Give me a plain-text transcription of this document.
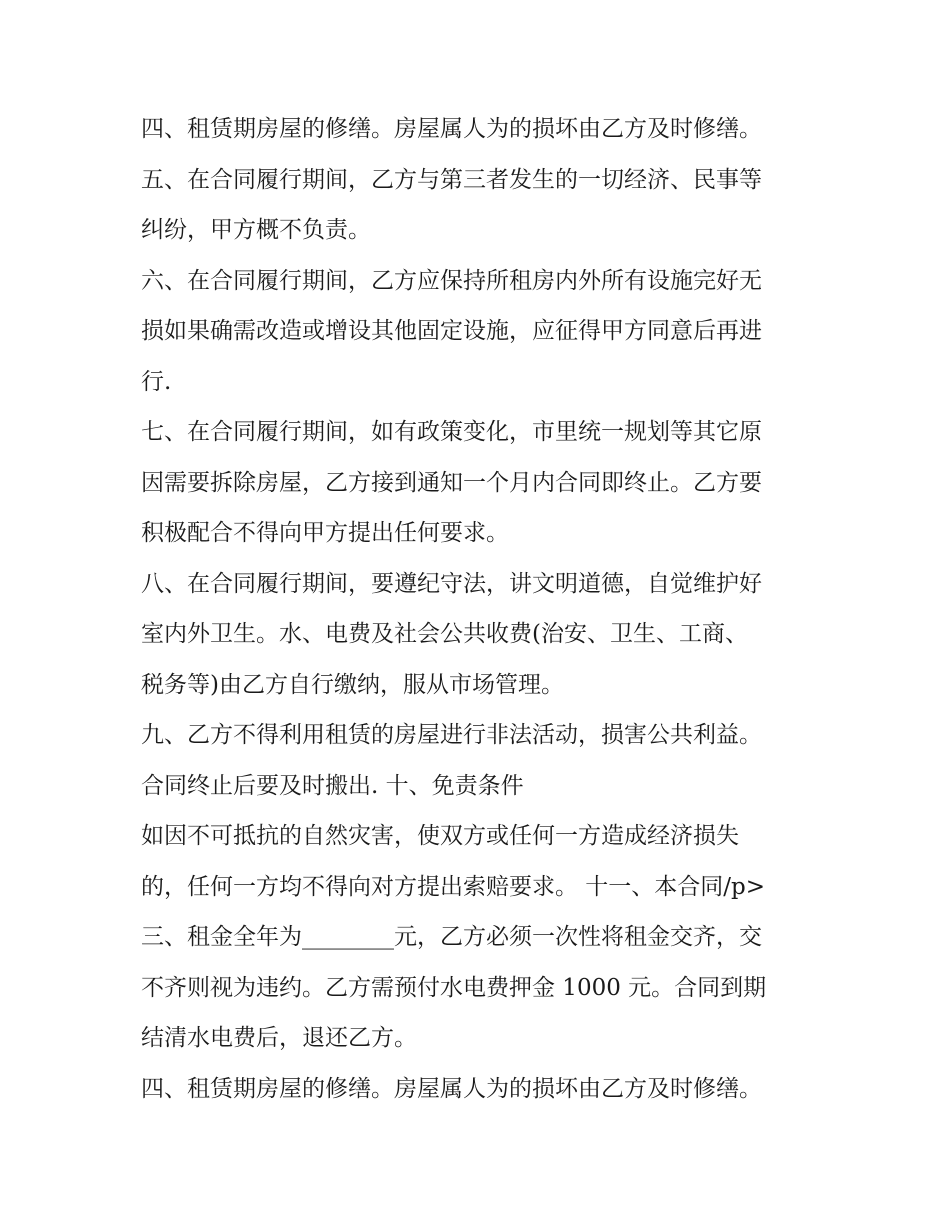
四、租赁期房屋的修缮。房屋属人为的损坏由乙方及时修缮。
五、在合同履行期间，乙方与第三者发生的一切经济、民事等
纠纷，甲方概不负责。
六、在合同履行期间，乙方应保持所租房内外所有设施完好无
损如果确需改造或增设其他固定设施，应征得甲方同意后再进
行.
七、在合同履行期间，如有政策变化，市里统一规划等其它原
因需要拆除房屋，乙方接到通知一个月内合同即终止。乙方要
积极配合不得向甲方提出任何要求。
八、在合同履行期间，要遵纪守法，讲文明道德，自觉维护好
室内外卫生。水、电费及社会公共收费(治安、卫生、工商、
税务等)由乙方自行缴纳，服从市场管理。
九、乙方不得利用租赁的房屋进行非法活动，损害公共利益。
合同终止后要及时搬出. 十、免责条件
如因不可抵抗的自然灾害，使双方或任何一方造成经济损失
的，任何一方均不得向对方提出索赔要求。 十一、本合同/p>
三、租金全年为________元，乙方必须一次性将租金交齐，交
不齐则视为违约。乙方需预付水电费押金 1000 元。合同到期
结清水电费后，退还乙方。
四、租赁期房屋的修缮。房屋属人为的损坏由乙方及时修缮。
